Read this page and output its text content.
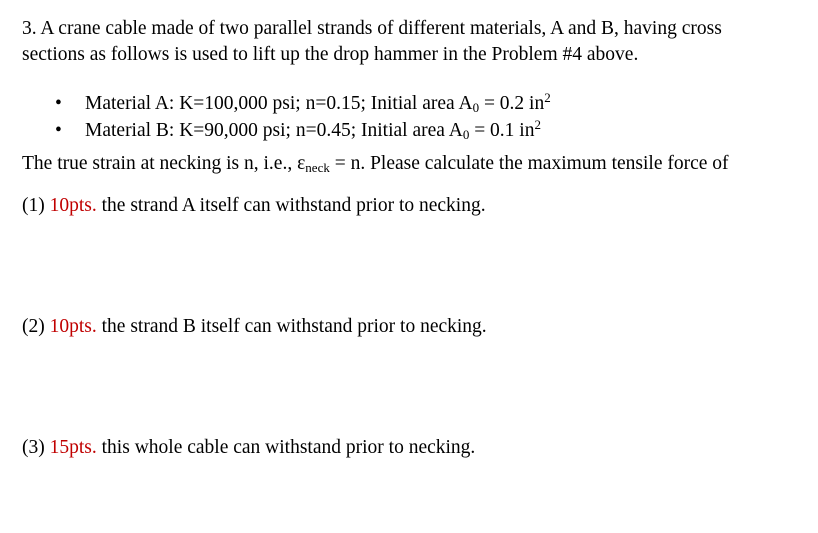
3. A crane cable made of two parallel strands of different materials, A and B, having cross
sections as follows is used to lift up the drop hammer in the Problem #4 above.
• Material A: K=100,000 psi; n=0.15; Initial area $A_0 = 0.2$ $in^2$
• Material B: K=90,000 psi; n=0.45; Initial area $A_0 = 0.1$ $in^2$
The true strain at necking is n, i.e., $\varepsilon_{neck} = n$. Please calculate the maximum tensile force of
(1) 10pts. the strand A itself can withstand prior to necking.
(2) 10pts. the strand B itself can withstand prior to necking.
(3) 15pts. this whole cable can withstand prior to necking.
